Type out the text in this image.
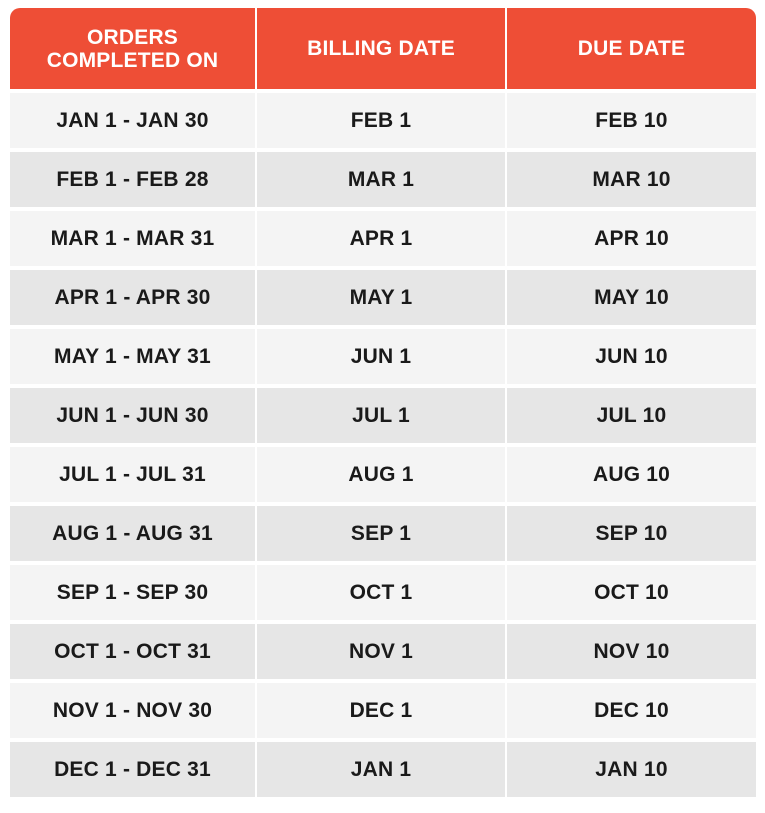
ORDERS
COMPLETED ON	BILLING DATE	DUE DATE
JAN 1 - JAN 30	FEB 1	FEB 10
FEB 1 - FEB 28	MAR 1	MAR 10
MAR 1 - MAR 31	APR 1	APR 10
APR 1 - APR 30	MAY 1	MAY 10
MAY 1 - MAY 31	JUN 1	JUN 10
JUN 1 - JUN 30	JUL 1	JUL 10
JUL 1 - JUL 31	AUG 1	AUG 10
AUG 1 - AUG 31	SEP 1	SEP 10
SEP 1 - SEP 30	OCT 1	OCT 10
OCT 1 - OCT 31	NOV 1	NOV 10
NOV 1 - NOV 30	DEC 1	DEC 10
DEC 1 - DEC 31	JAN 1	JAN 10
